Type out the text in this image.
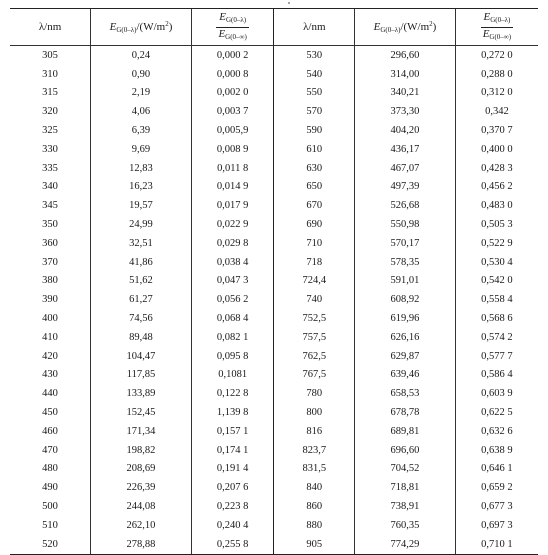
λ/nm	$E_{G(0-\lambda)}/(W/m^2)$	$\frac{E_{G(0-\lambda)}}{E_{G(0-\infty)}}$	λ/nm	$E_{G(0-\lambda)}/(W/m^2)$	$\frac{E_{G(0-\lambda)}}{E_{G(0-\infty)}}$

305	0,24	0,000 2	530	296,60	0,272 0
310	0,90	0,000 8	540	314,00	0,288 0
315	2,19	0,002 0	550	340,21	0,312 0
320	4,06	0,003 7	570	373,30	0,342
325	6,39	0,005,9	590	404,20	0,370 7
330	9,69	0,008 9	610	436,17	0,400 0
335	12,83	0,011 8	630	467,07	0,428 3
340	16,23	0,014 9	650	497,39	0,456 2
345	19,57	0,017 9	670	526,68	0,483 0
350	24,99	0,022 9	690	550,98	0,505 3
360	32,51	0,029 8	710	570,17	0,522 9
370	41,86	0,038 4	718	578,35	0,530 4
380	51,62	0,047 3	724,4	591,01	0,542 0
390	61,27	0,056 2	740	608,92	0,558 4
400	74,56	0,068 4	752,5	619,96	0,568 6
410	89,48	0,082 1	757,5	626,16	0,574 2
420	104,47	0,095 8	762,5	629,87	0,577 7
430	117,85	0,1081	767,5	639,46	0,586 4
440	133,89	0,122 8	780	658,53	0,603 9
450	152,45	1,139 8	800	678,78	0,622 5
460	171,34	0,157 1	816	689,81	0,632 6
470	198,82	0,174 1	823,7	696,60	0,638 9
480	208,69	0,191 4	831,5	704,52	0,646 1
490	226,39	0,207 6	840	718,81	0,659 2
500	244,08	0,223 8	860	738,91	0,677 3
510	262,10	0,240 4	880	760,35	0,697 3
520	278,88	0,255 8	905	774,29	0,710 1
